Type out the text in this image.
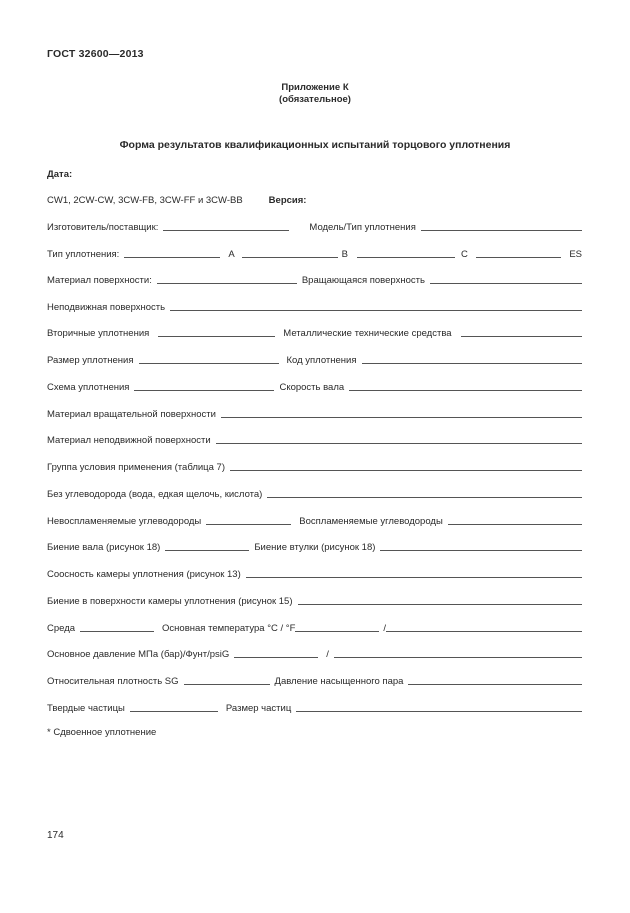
ГОСТ 32600—2013
Приложение К
(обязательное)
Форма результатов квалификационных испытаний торцового уплотнения
Дата:
CW1, 2CW-CW, 3CW-FB, 3CW-FF и 3CW-BB	Версия:
Изготовитель/поставщик:	Модель/Тип уплотнения
Тип уплотнения:	A	B	C	ES
Материал поверхности:	Вращающаяся поверхность
Неподвижная поверхность
Вторичные уплотнения	Металлические технические средства
Размер уплотнения	Код уплотнения
Схема уплотнения	Скорость вала
Материал вращательной поверхности
Материал неподвижной поверхности
Группа условия применения (таблица 7)
Без углеводорода (вода, едкая щелочь, кислота)
Невоспламеняемые углеводороды	Воспламеняемые углеводороды
Биение вала (рисунок 18)	Биение втулки (рисунок 18)
Соосность камеры уплотнения (рисунок 13)
Биение в поверхности камеры уплотнения (рисунок 15)
Среда	Основная температура °C / °F	/
Основное давление МПа (бар)/Фунт/psiG	/
Относительная плотность SG	Давление насыщенного пара
Твердые частицы	Размер частиц
* Сдвоенное уплотнение
174
